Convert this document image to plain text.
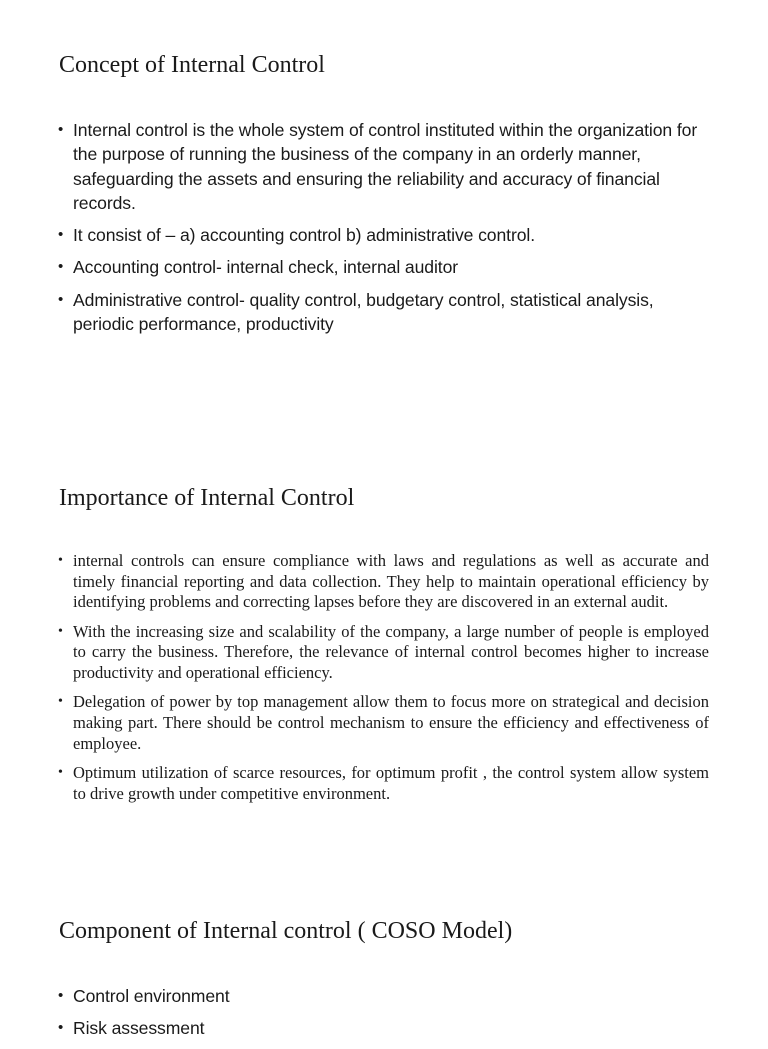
Concept of Internal Control
• Internal control is the whole system of control instituted within the organization for the purpose of running the business of the company in an orderly manner, safeguarding the assets and ensuring the reliability and accuracy of financial records.
• It consist of – a) accounting control b) administrative control.
• Accounting control- internal check, internal auditor
• Administrative control- quality control, budgetary control, statistical analysis, periodic performance, productivity
Importance of Internal Control
• internal controls can ensure compliance with laws and regulations as well as accurate and timely financial reporting and data collection. They help to maintain operational efficiency by identifying problems and correcting lapses before they are discovered in an external audit.
• With the increasing size and scalability of the company, a large number of people is employed to carry the business. Therefore, the relevance of internal control becomes higher to increase productivity and operational efficiency.
• Delegation of power by top management allow them to focus more on strategical and decision making part. There should be control mechanism to ensure the efficiency and effectiveness of employee.
• Optimum utilization of scarce resources, for optimum profit , the control system allow system to drive growth under competitive environment.
Component of Internal control ( COSO Model)
• Control environment
• Risk assessment
